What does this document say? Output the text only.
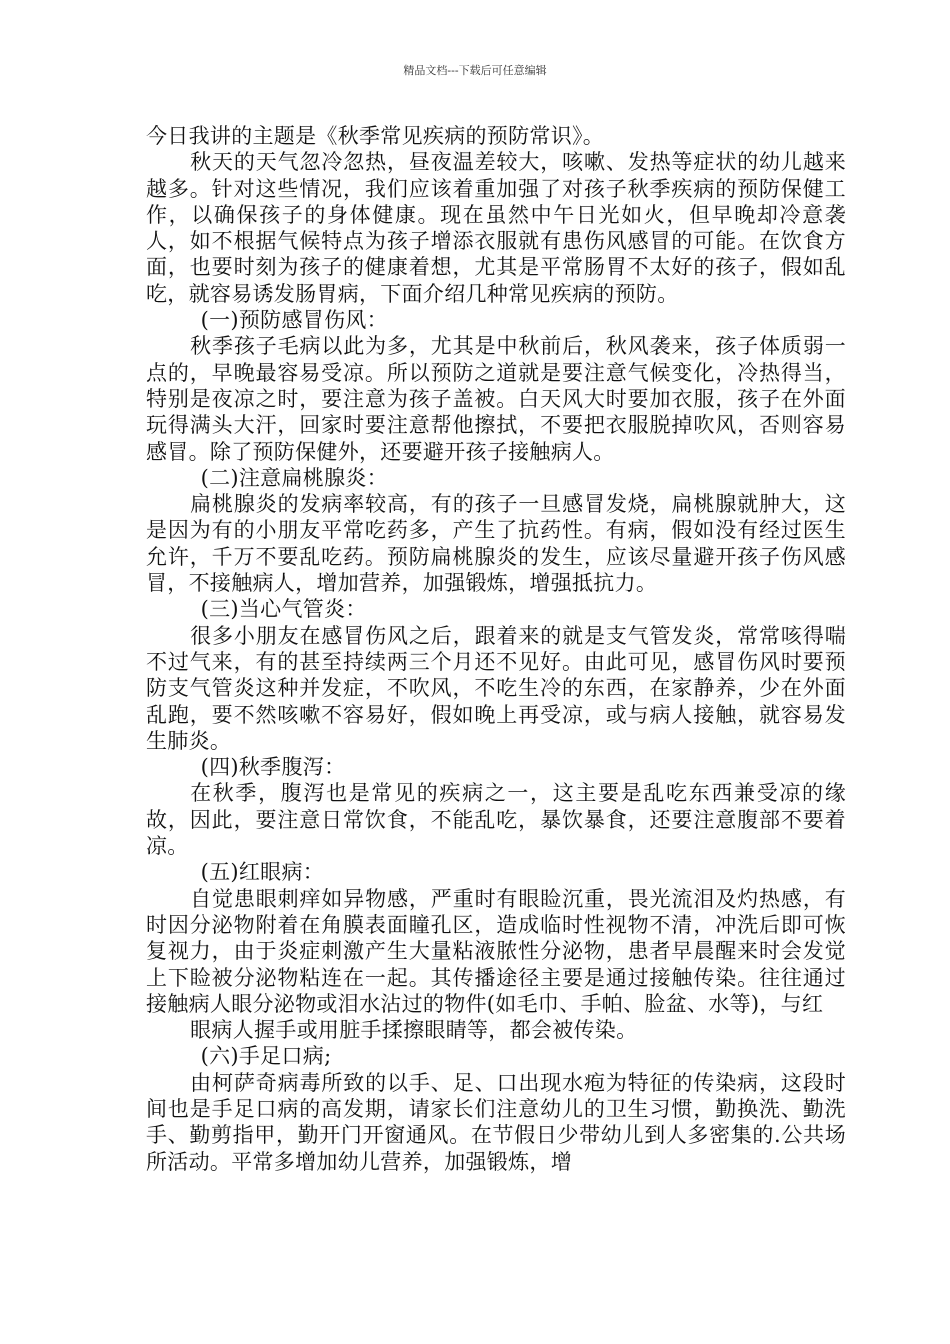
精品文档---下载后可任意编辑

今日我讲的主题是《秋季常见疾病的预防常识》。

秋天的天气忽冷忽热，昼夜温差较大，咳嗽、发热等症状的幼儿越来越多。针对这些情况，我们应该着重加强了对孩子秋季疾病的预防保健工作，以确保孩子的身体健康。现在虽然中午日光如火，但早晚却冷意袭人，如不根据气候特点为孩子增添衣服就有患伤风感冒的可能。在饮食方面，也要时刻为孩子的健康着想，尤其是平常肠胃不太好的孩子，假如乱吃，就容易诱发肠胃病，下面介绍几种常见疾病的预防。

(一)预防感冒伤风：

秋季孩子毛病以此为多，尤其是中秋前后，秋风袭来，孩子体质弱一点的，早晚最容易受凉。所以预防之道就是要注意气候变化，冷热得当，特别是夜凉之时，要注意为孩子盖被。白天风大时要加衣服，孩子在外面玩得满头大汗，回家时要注意帮他擦拭，不要把衣服脱掉吹风，否则容易感冒。除了预防保健外，还要避开孩子接触病人。

(二)注意扁桃腺炎：

扁桃腺炎的发病率较高，有的孩子一旦感冒发烧，扁桃腺就肿大，这是因为有的小朋友平常吃药多，产生了抗药性。有病，假如没有经过医生允许，千万不要乱吃药。预防扁桃腺炎的发生，应该尽量避开孩子伤风感冒，不接触病人，增加营养，加强锻炼，增强抵抗力。

(三)当心气管炎：

很多小朋友在感冒伤风之后，跟着来的就是支气管发炎，常常咳得喘不过气来，有的甚至持续两三个月还不见好。由此可见，感冒伤风时要预防支气管炎这种并发症，不吹风，不吃生冷的东西，在家静养，少在外面乱跑，要不然咳嗽不容易好，假如晚上再受凉，或与病人接触，就容易发生肺炎。

(四)秋季腹泻：

在秋季，腹泻也是常见的疾病之一，这主要是乱吃东西兼受凉的缘故，因此，要注意日常饮食，不能乱吃，暴饮暴食，还要注意腹部不要着凉。

(五)红眼病：

自觉患眼刺痒如异物感，严重时有眼睑沉重，畏光流泪及灼热感，有时因分泌物附着在角膜表面瞳孔区，造成临时性视物不清，冲洗后即可恢复视力，由于炎症刺激产生大量粘液脓性分泌物，患者早晨醒来时会发觉上下睑被分泌物粘连在一起。其传播途径主要是通过接触传染。往往通过接触病人眼分泌物或泪水沾过的物件(如毛巾、手帕、脸盆、水等)，与红

眼病人握手或用脏手揉擦眼睛等，都会被传染。

(六)手足口病;

由柯萨奇病毒所致的以手、足、口出现水疱为特征的传染病，这段时间也是手足口病的高发期，请家长们注意幼儿的卫生习惯，勤换洗、勤洗手、勤剪指甲，勤开门开窗通风。在节假日少带幼儿到人多密集的.公共场所活动。平常多增加幼儿营养，加强锻炼，增
